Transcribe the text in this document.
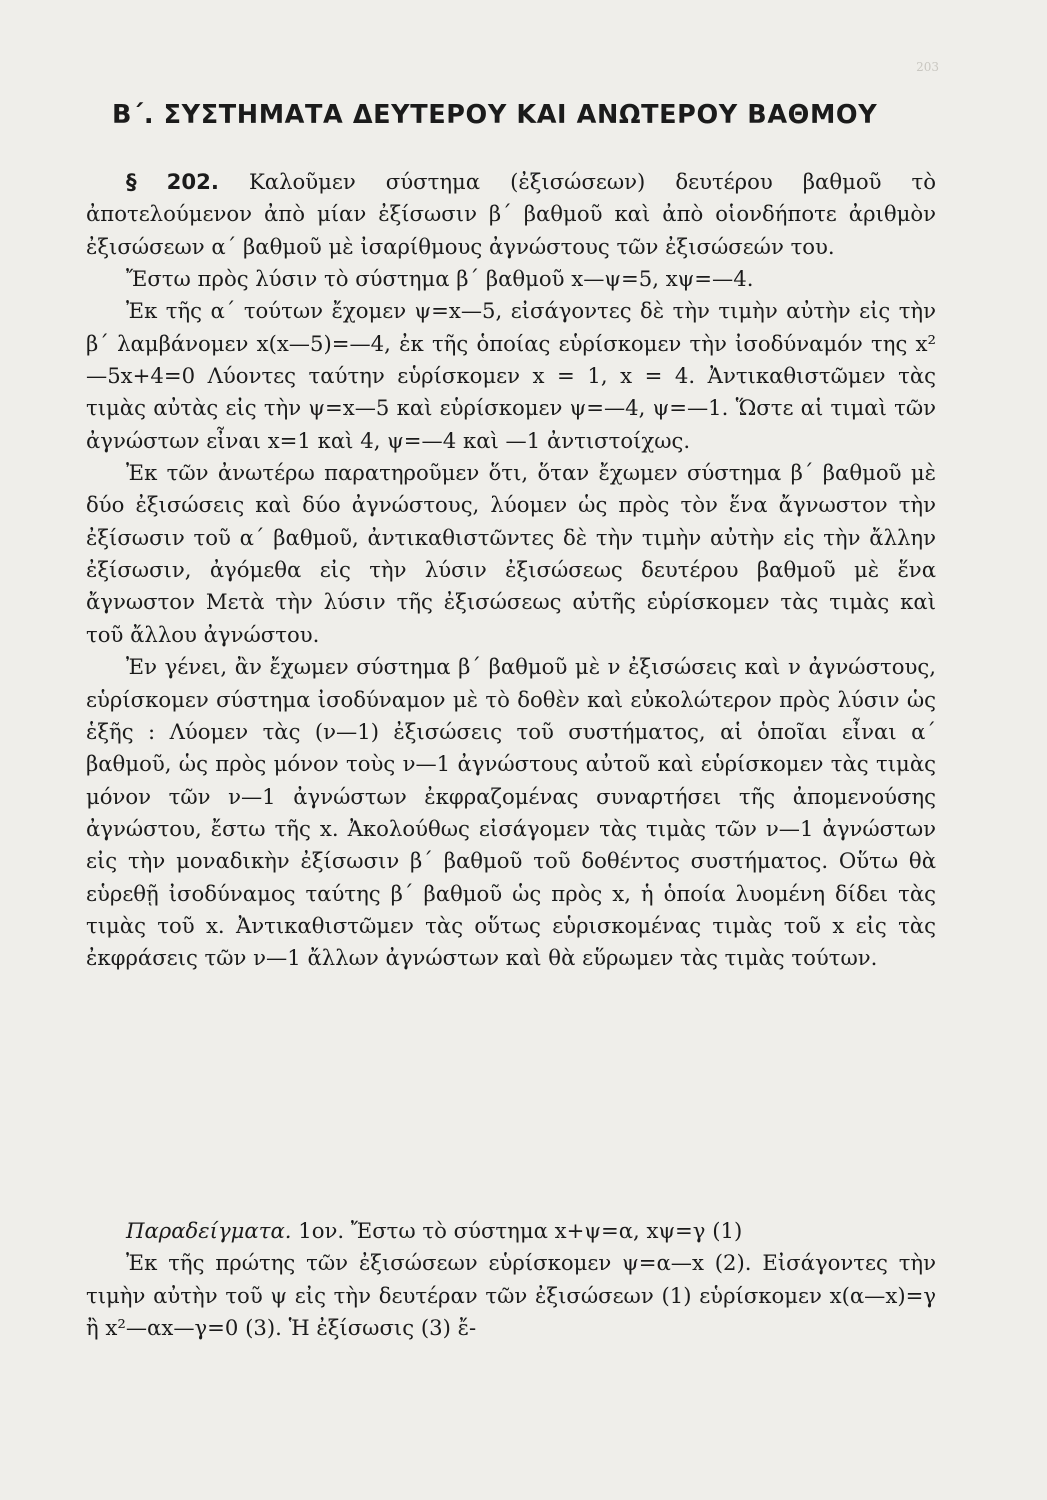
203
Β΄. ΣΥΣΤΗΜΑΤΑ ΔΕΥΤΕΡΟΥ ΚΑΙ ΑΝΩΤΕΡΟΥ ΒΑΘΜΟΥ

§ 202. Καλοῦμεν σύστημα (ἐξισώσεων) δευτέρου βαθμοῦ τὸ ἀποτελούμενον ἀπὸ μίαν ἐξίσωσιν β΄ βαθμοῦ καὶ ἀπὸ οἱονδήποτε ἀριθμὸν ἐξισώσεων α΄ βαθμοῦ μὲ ἰσαρίθμους ἀγνώστους τῶν ἐξισώσεών του.

Ἔστω πρὸς λύσιν τὸ σύστημα β΄ βαθμοῦ x—ψ=5, xψ=—4.

Ἐκ τῆς α΄ τούτων ἔχομεν ψ=x—5, εἰσάγοντες δὲ τὴν τιμὴν αὐτὴν εἰς τὴν β΄ λαμβάνομεν x(x—5)=—4, ἐκ τῆς ὁποίας εὑρίσκομεν τὴν ἰσοδύναμόν της x²—5x+4=0 Λύοντες ταύτην εὑρίσκομεν x = 1, x = 4. Ἀντικαθιστῶμεν τὰς τιμὰς αὐτὰς εἰς τὴν ψ=x—5 καὶ εὑρίσκομεν ψ=—4, ψ=—1. Ὥστε αἱ τιμαὶ τῶν ἀγνώστων εἶναι x=1 καὶ 4, ψ=—4 καὶ —1 ἀντιστοίχως.

Ἐκ τῶν ἀνωτέρω παρατηροῦμεν ὅτι, ὅταν ἔχωμεν σύστημα β΄ βαθμοῦ μὲ δύο ἐξισώσεις καὶ δύο ἀγνώστους, λύομεν ὡς πρὸς τὸν ἕνα ἄγνωστον τὴν ἐξίσωσιν τοῦ α΄ βαθμοῦ, ἀντικαθιστῶντες δὲ τὴν τιμὴν αὐτὴν εἰς τὴν ἄλλην ἐξίσωσιν, ἀγόμεθα εἰς τὴν λύσιν ἐξισώσεως δευτέρου βαθμοῦ μὲ ἕνα ἄγνωστον Μετὰ τὴν λύσιν τῆς ἐξισώσεως αὐτῆς εὑρίσκομεν τὰς τιμὰς καὶ τοῦ ἄλλου ἀγνώστου.

Ἐν γένει, ἂν ἔχωμεν σύστημα β΄ βαθμοῦ μὲ ν ἐξισώσεις καὶ ν ἀγνώστους, εὑρίσκομεν σύστημα ἰσοδύναμον μὲ τὸ δοθὲν καὶ εὐκολώτερον πρὸς λύσιν ὡς ἑξῆς : Λύομεν τὰς (ν—1) ἐξισώσεις τοῦ συστήματος, αἱ ὁποῖαι εἶναι α΄ βαθμοῦ, ὡς πρὸς μόνον τοὺς ν—1 ἀγνώστους αὐτοῦ καὶ εὑρίσκομεν τὰς τιμὰς μόνον τῶν ν—1 ἀγνώστων ἐκφραζομένας συναρτήσει τῆς ἀπομενούσης ἀγνώστου, ἔστω τῆς x. Ἀκολούθως εἰσάγομεν τὰς τιμὰς τῶν ν—1 ἀγνώστων εἰς τὴν μοναδικὴν ἐξίσωσιν β΄ βαθμοῦ τοῦ δοθέντος συστήματος. Οὕτω θὰ εὑρεθῇ ἰσοδύναμος ταύτης β΄ βαθμοῦ ὡς πρὸς x, ἡ ὁποία λυομένη δίδει τὰς τιμὰς τοῦ x. Ἀντικαθιστῶμεν τὰς οὕτως εὑρισκομένας τιμὰς τοῦ x εἰς τὰς ἐκφράσεις τῶν ν—1 ἄλλων ἀγνώστων καὶ θὰ εὕρωμεν τὰς τιμὰς τούτων.

Παραδείγματα. 1ον. Ἔστω τὸ σύστημα x+ψ=α, xψ=γ (1)

Ἐκ τῆς πρώτης τῶν ἐξισώσεων εὑρίσκομεν ψ=α—x (2). Εἰσάγοντες τὴν τιμὴν αὐτὴν τοῦ ψ εἰς τὴν δευτέραν τῶν ἐξισώσεων (1) εὑρίσκομεν x(α—x)=γ ἢ x²—αx—γ=0 (3). Ἡ ἐξίσωσις (3) ἔ-
